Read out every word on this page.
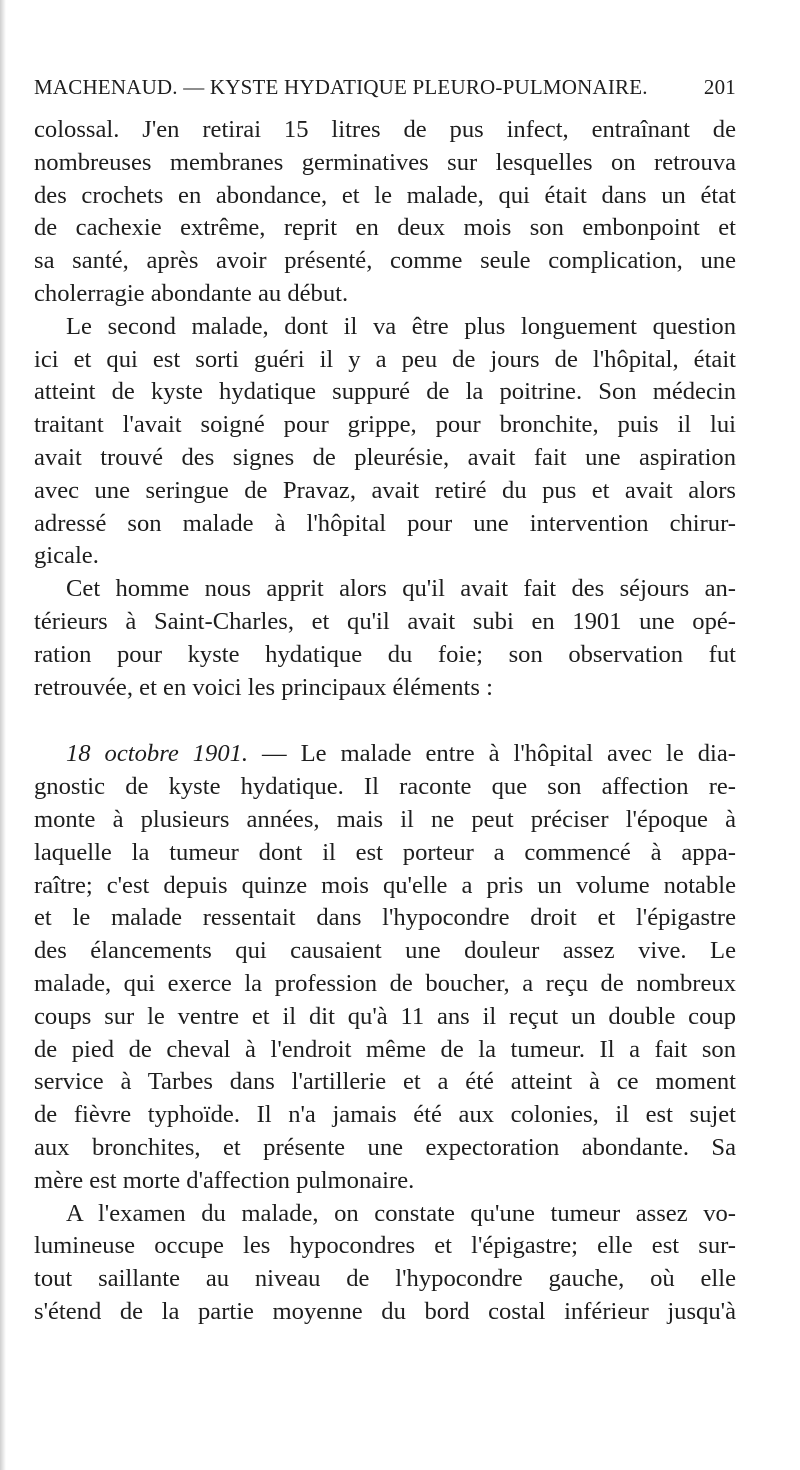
MACHENAUD. — KYSTE HYDATIQUE PLEURO-PULMONAIRE.	201
colossal. J'en retirai 15 litres de pus infect, entraînant de
nombreuses membranes germinatives sur lesquelles on retrouva
des crochets en abondance, et le malade, qui était dans un état
de cachexie extrême, reprit en deux mois son embonpoint et
sa santé, après avoir présenté, comme seule complication, une
cholerragie abondante au début.
Le second malade, dont il va être plus longuement question
ici et qui est sorti guéri il y a peu de jours de l'hôpital, était
atteint de kyste hydatique suppuré de la poitrine. Son médecin
traitant l'avait soigné pour grippe, pour bronchite, puis il lui
avait trouvé des signes de pleurésie, avait fait une aspiration
avec une seringue de Pravaz, avait retiré du pus et avait alors
adressé son malade à l'hôpital pour une intervention chirur-
gicale.
Cet homme nous apprit alors qu'il avait fait des séjours an-
térieurs à Saint-Charles, et qu'il avait subi en 1901 une opé-
ration pour kyste hydatique du foie; son observation fut
retrouvée, et en voici les principaux éléments :
18 octobre 1901. — Le malade entre à l'hôpital avec le dia-
gnostic de kyste hydatique. Il raconte que son affection re-
monte à plusieurs années, mais il ne peut préciser l'époque à
laquelle la tumeur dont il est porteur a commencé à appa-
raître; c'est depuis quinze mois qu'elle a pris un volume notable
et le malade ressentait dans l'hypocondre droit et l'épigastre
des élancements qui causaient une douleur assez vive. Le
malade, qui exerce la profession de boucher, a reçu de nombreux
coups sur le ventre et il dit qu'à 11 ans il reçut un double coup
de pied de cheval à l'endroit même de la tumeur. Il a fait son
service à Tarbes dans l'artillerie et a été atteint à ce moment
de fièvre typhoïde. Il n'a jamais été aux colonies, il est sujet
aux bronchites, et présente une expectoration abondante. Sa
mère est morte d'affection pulmonaire.
A l'examen du malade, on constate qu'une tumeur assez vo-
lumineuse occupe les hypocondres et l'épigastre; elle est sur-
tout saillante au niveau de l'hypocondre gauche, où elle
s'étend de la partie moyenne du bord costal inférieur jusqu'à
